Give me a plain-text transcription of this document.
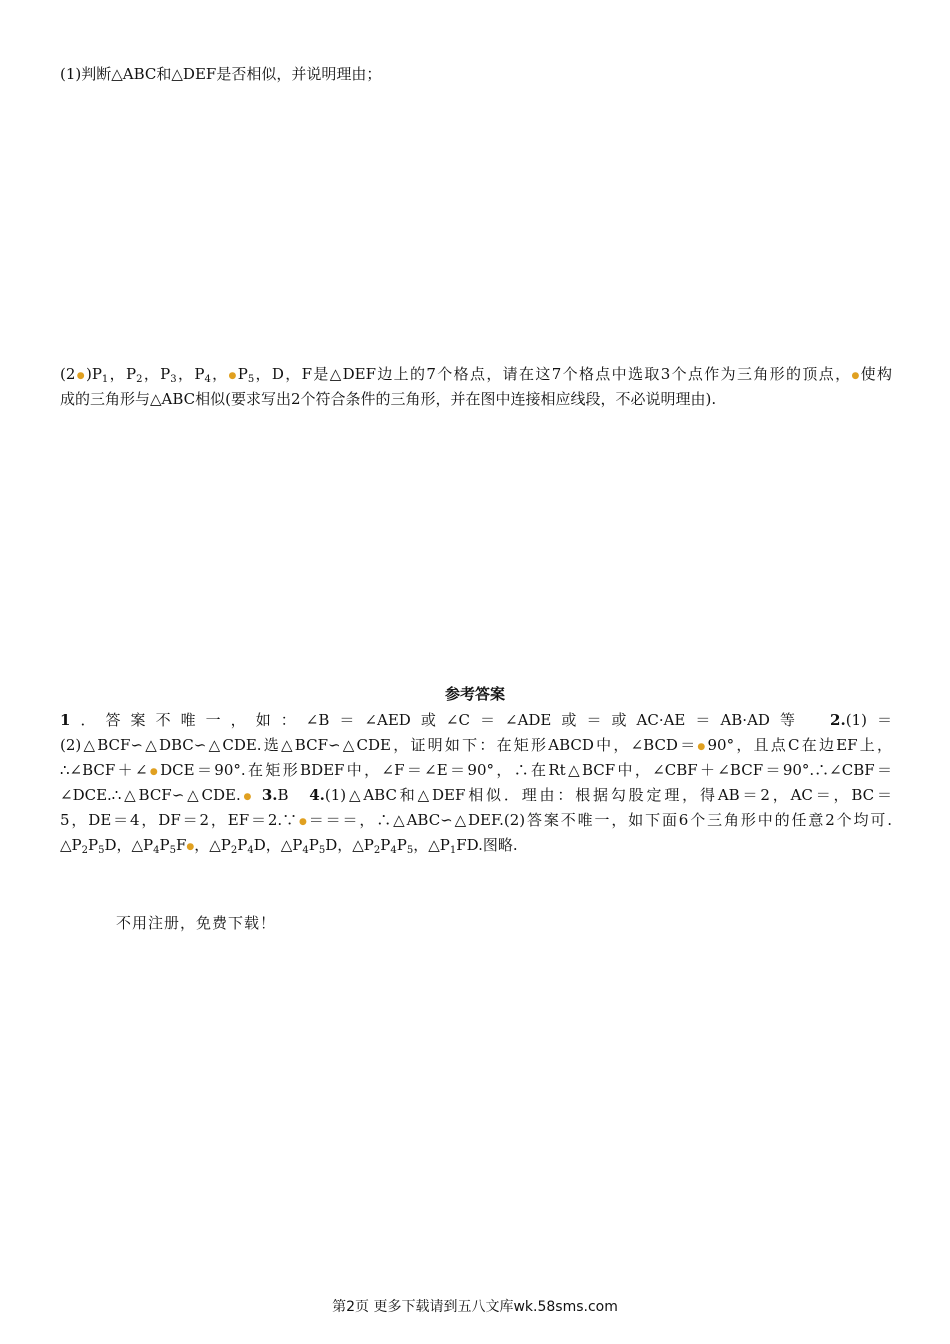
(1)判断△ABC和△DEF是否相似，并说明理由；
$(2●)P_1$，$P_2$，$P_3$，$P_4$，$●P_5$，D，F是△DEF边上的7个格点，请在这7个格点中选取3个点作为三角形的顶点，●使构
成的三角形与△ABC相似(要求写出2个符合条件的三角形，并在图中连接相应线段，不必说明理由).
参考答案
1．答案不唯一，如：∠B＝∠AED或∠C＝∠ADE或＝或AC·AE＝AB·AD等　2.(1)＝
(2)△BCF∽△DBC∽△CDE.选△BCF∽△CDE，证明如下：在矩形ABCD中，∠BCD＝●90°，且点C在边EF上，
∴∠BCF＋∠●DCE＝90°.在矩形BDEF中，∠F＝∠E＝90°，∴在Rt△BCF中，∠CBF＋∠BCF＝90°.∴∠CBF＝
∠DCE.∴△BCF∽△CDE.● 3.B　4.(1)△ABC和△DEF相似．理由：根据勾股定理，得AB＝2，AC＝，BC＝
5，DE＝4，DF＝2，EF＝2.∵●＝＝＝，∴△ABC∽△DEF.(2)答案不唯一，如下面6个三角形中的任意2个均可.
$\triangle P_2P_5D$，$\triangle P_4P_5F●$，$\triangle P_2P_4D$，$\triangle P_4P_5D$，$\triangle P_2P_4P_5$，$\triangle P_1FD$.图略.
不用注册，免费下载！
第2页 更多下载请到五八文库wk.58sms.com
